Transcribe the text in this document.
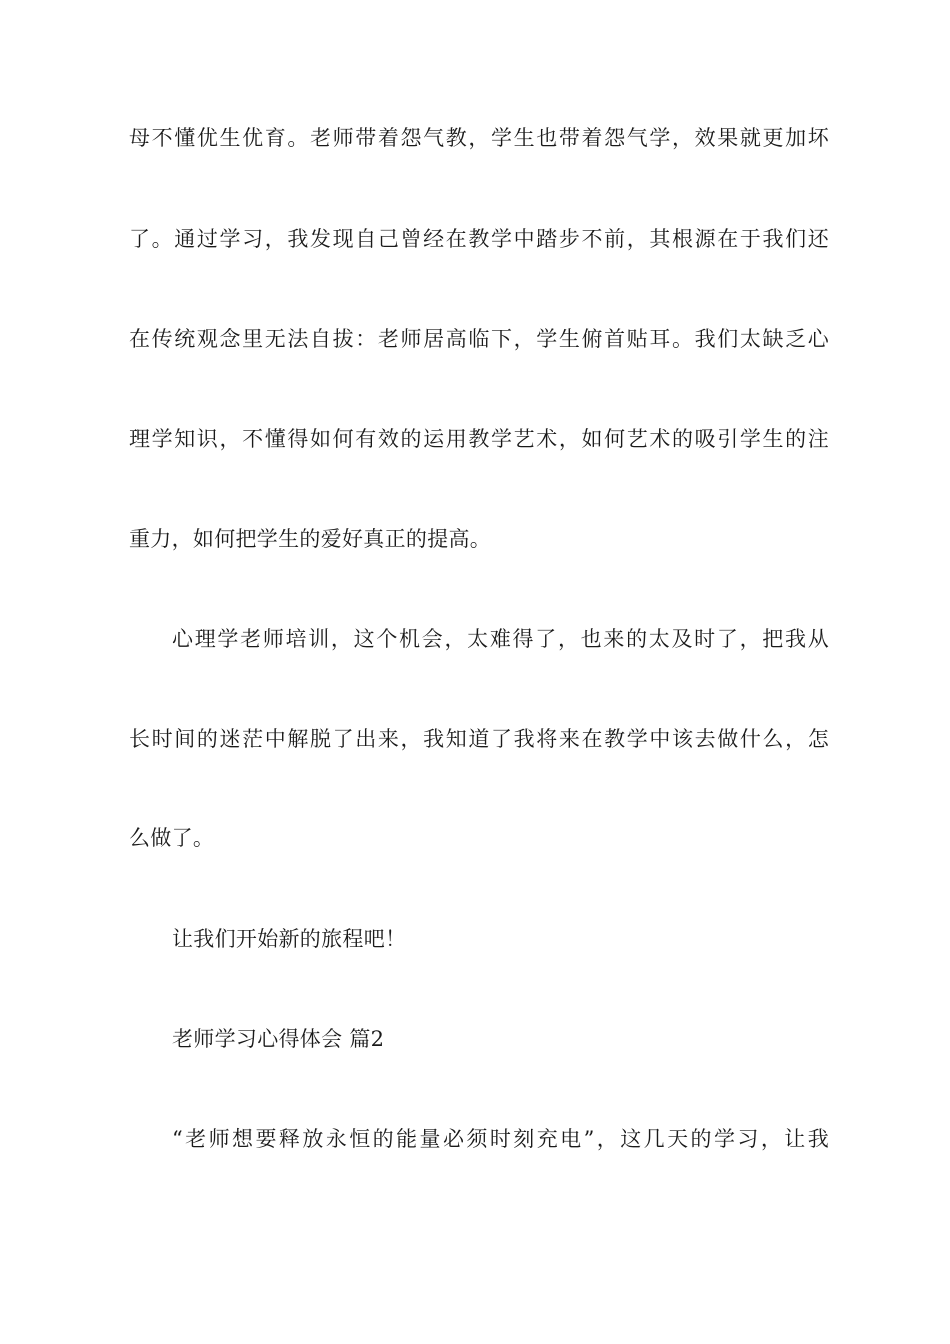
母不懂优生优育。老师带着怨气教，学生也带着怨气学，效果就更加坏
了。通过学习，我发现自己曾经在教学中踏步不前，其根源在于我们还
在传统观念里无法自拔：老师居高临下，学生俯首贴耳。我们太缺乏心
理学知识，不懂得如何有效的运用教学艺术，如何艺术的吸引学生的注
重力，如何把学生的爱好真正的提高。
心理学老师培训，这个机会，太难得了，也来的太及时了，把我从
长时间的迷茫中解脱了出来，我知道了我将来在教学中该去做什么，怎
么做了。
让我们开始新的旅程吧！
老师学习心得体会 篇2
“老师想要释放永恒的能量必须时刻充电”，这几天的学习，让我
